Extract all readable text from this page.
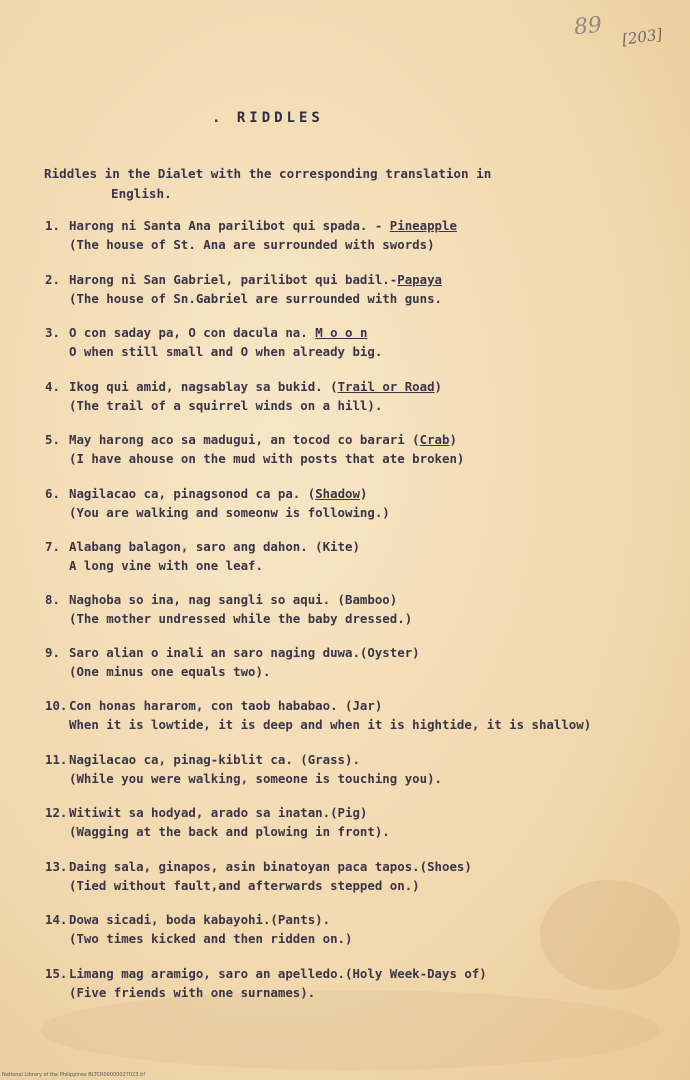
89 [203]
. RIDDLES
Riddles in the Dialet with the corresponding translation in
English.
1. Harong ni Santa Ana parilibot qui spada. - Pineapple
(The house of St. Ana are surrounded with swords)
2. Harong ni San Gabriel, parilibot qui badil.-Papaya
(The house of Sn.Gabriel are surrounded with guns.
3. O con saday pa, O con dacula na. M o o n
O when still small and O when already big.
4. Ikog qui amid, nagsablay sa bukid. (Trail or Road)
(The trail of a squirrel winds on a hill).
5. May harong aco sa madugui, an tocod co barari (Crab)
(I have ahouse on the mud with posts that ate broken)
6. Nagilacao ca, pinagsonod ca pa. (Shadow)
(You are walking and someonw is following.)
7. Alabang balagon, saro ang dahon. (Kite)
A long vine with one leaf.
8. Naghoba so ina, nag sangli so aqui. (Bamboo)
(The mother undressed while the baby dressed.)
9. Saro alian o inali an saro naging duwa.(Oyster)
(One minus one equals two).
10. Con honas hararom, con taob hababao. (Jar)
When it is lowtide, it is deep and when it is hightide, it is shallow)
11. Nagilacao ca, pinag-kiblit ca. (Grass).
(While you were walking, someone is touching you).
12. Witiwit sa hodyad, arado sa inatan.(Pig)
(Wagging at the back and plowing in front).
13. Daing sala, ginapos, asin binatoyan paca tapos.(Shoes)
(Tied without fault,and afterwards stepped on.)
14. Dowa sicadi, boda kabayohi.(Pants).
(Two times kicked and then ridden on.)
15. Limang mag aramigo, saro an apelledo.(Holy Week-Days of)
(Five friends with one surnames).
National Library of the Philippines BLTCR00000027023.tif
